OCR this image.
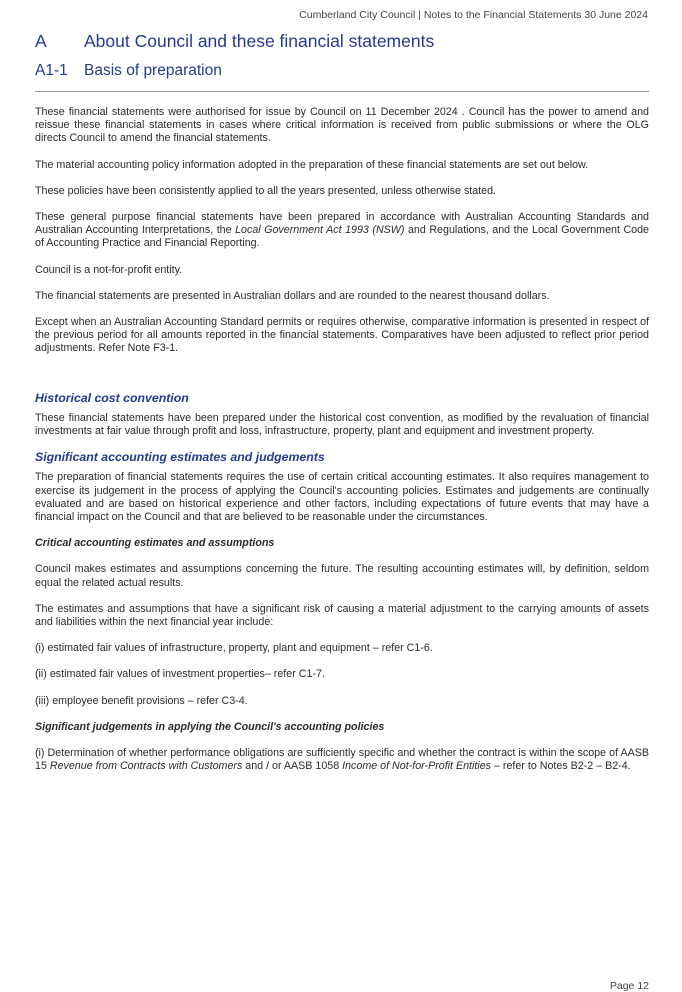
Cumberland City Council | Notes to the Financial Statements 30 June 2024
A	About Council and these financial statements
A1-1	Basis of preparation

These financial statements were authorised for issue by Council on 11 December 2024 . Council has the power to amend and reissue these financial statements in cases where critical information is received from public submissions or where the OLG directs Council to amend the financial statements.

The material accounting policy information adopted in the preparation of these financial statements are set out below.

These policies have been consistently applied to all the years presented, unless otherwise stated.

These general purpose financial statements have been prepared in accordance with Australian Accounting Standards and Australian Accounting Interpretations, the Local Government Act 1993 (NSW) and Regulations, and the Local Government Code of Accounting Practice and Financial Reporting.

Council is a not-for-profit entity.

The financial statements are presented in Australian dollars and are rounded to the nearest thousand dollars.

Except when an Australian Accounting Standard permits or requires otherwise, comparative information is presented in respect of the previous period for all amounts reported in the financial statements. Comparatives have been adjusted to reflect prior period adjustments. Refer Note F3-1.

Historical cost convention

These financial statements have been prepared under the historical cost convention, as modified by the revaluation of financial investments at fair value through profit and loss, infrastructure, property, plant and equipment and investment property.

Significant accounting estimates and judgements

The preparation of financial statements requires the use of certain critical accounting estimates. It also requires management to exercise its judgement in the process of applying the Council's accounting policies. Estimates and judgements are continually evaluated and are based on historical experience and other factors, including expectations of future events that may have a financial impact on the Council and that are believed to be reasonable under the circumstances.

Critical accounting estimates and assumptions

Council makes estimates and assumptions concerning the future. The resulting accounting estimates will, by definition, seldom equal the related actual results.

The estimates and assumptions that have a significant risk of causing a material adjustment to the carrying amounts of assets and liabilities within the next financial year include:

(i) estimated fair values of infrastructure, property, plant and equipment – refer C1-6.

(ii) estimated fair values of investment properties– refer C1-7.

(iii) employee benefit provisions – refer C3-4.

Significant judgements in applying the Council's accounting policies

(i) Determination of whether performance obligations are sufficiently specific and whether the contract is within the scope of AASB 15 Revenue from Contracts with Customers and / or AASB 1058 Income of Not-for-Profit Entities – refer to Notes B2-2 – B2-4.

Page 12
